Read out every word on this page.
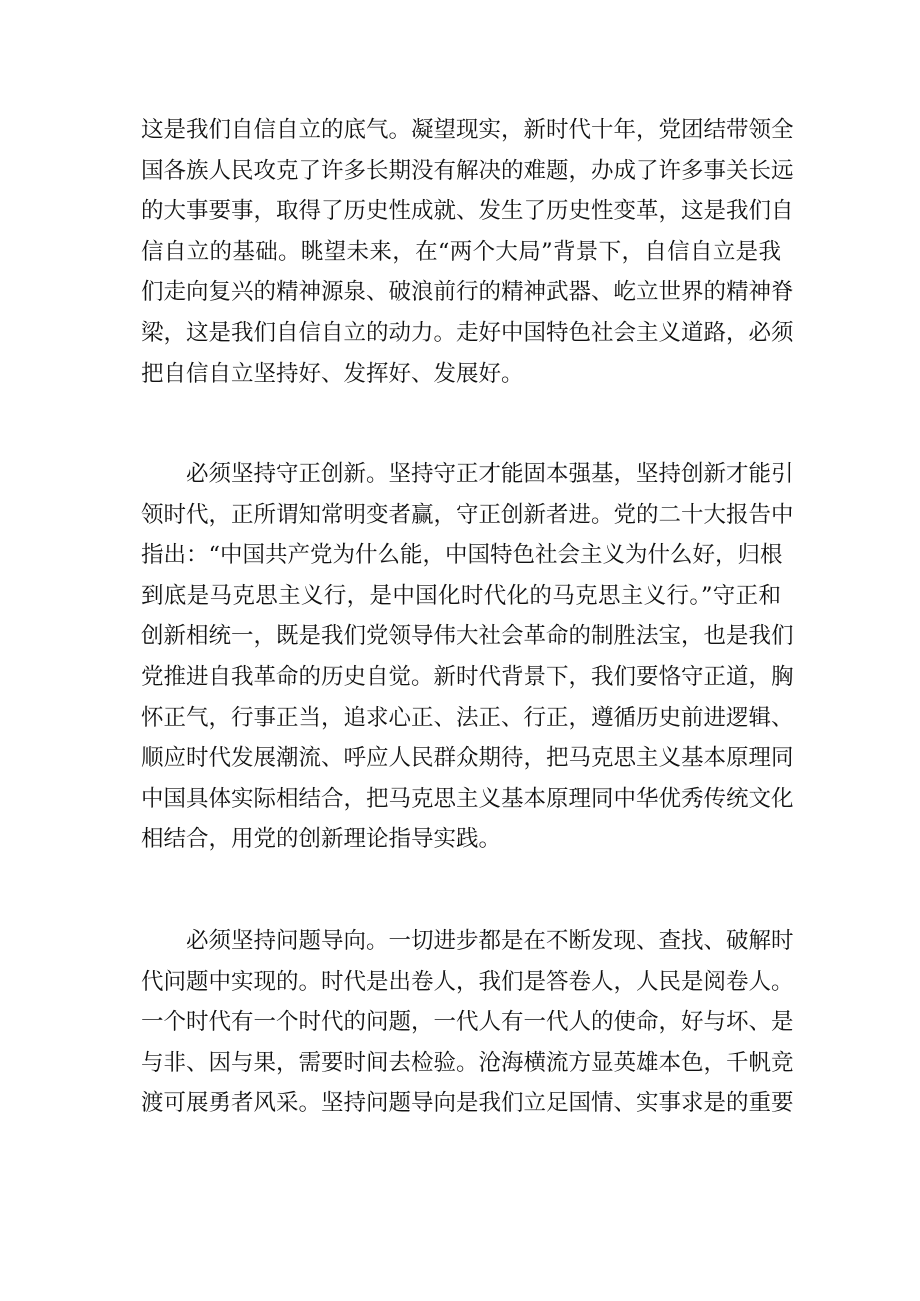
这是我们自信自立的底气。凝望现实，新时代十年，党团结带领全
国各族人民攻克了许多长期没有解决的难题，办成了许多事关长远
的大事要事，取得了历史性成就、发生了历史性变革，这是我们自
信自立的基础。眺望未来，在“两个大局”背景下，自信自立是我
们走向复兴的精神源泉、破浪前行的精神武器、屹立世界的精神脊
梁，这是我们自信自立的动力。走好中国特色社会主义道路，必须
把自信自立坚持好、发挥好、发展好。
必须坚持守正创新。坚持守正才能固本强基，坚持创新才能引
领时代，正所谓知常明变者赢，守正创新者进。党的二十大报告中
指出：“中国共产党为什么能，中国特色社会主义为什么好，归根
到底是马克思主义行，是中国化时代化的马克思主义行。”守正和
创新相统一，既是我们党领导伟大社会革命的制胜法宝，也是我们
党推进自我革命的历史自觉。新时代背景下，我们要恪守正道，胸
怀正气，行事正当，追求心正、法正、行正，遵循历史前进逻辑、
顺应时代发展潮流、呼应人民群众期待，把马克思主义基本原理同
中国具体实际相结合，把马克思主义基本原理同中华优秀传统文化
相结合，用党的创新理论指导实践。
必须坚持问题导向。一切进步都是在不断发现、查找、破解时
代问题中实现的。时代是出卷人，我们是答卷人，人民是阅卷人。
一个时代有一个时代的问题，一代人有一代人的使命，好与坏、是
与非、因与果，需要时间去检验。沧海横流方显英雄本色，千帆竞
渡可展勇者风采。坚持问题导向是我们立足国情、实事求是的重要
